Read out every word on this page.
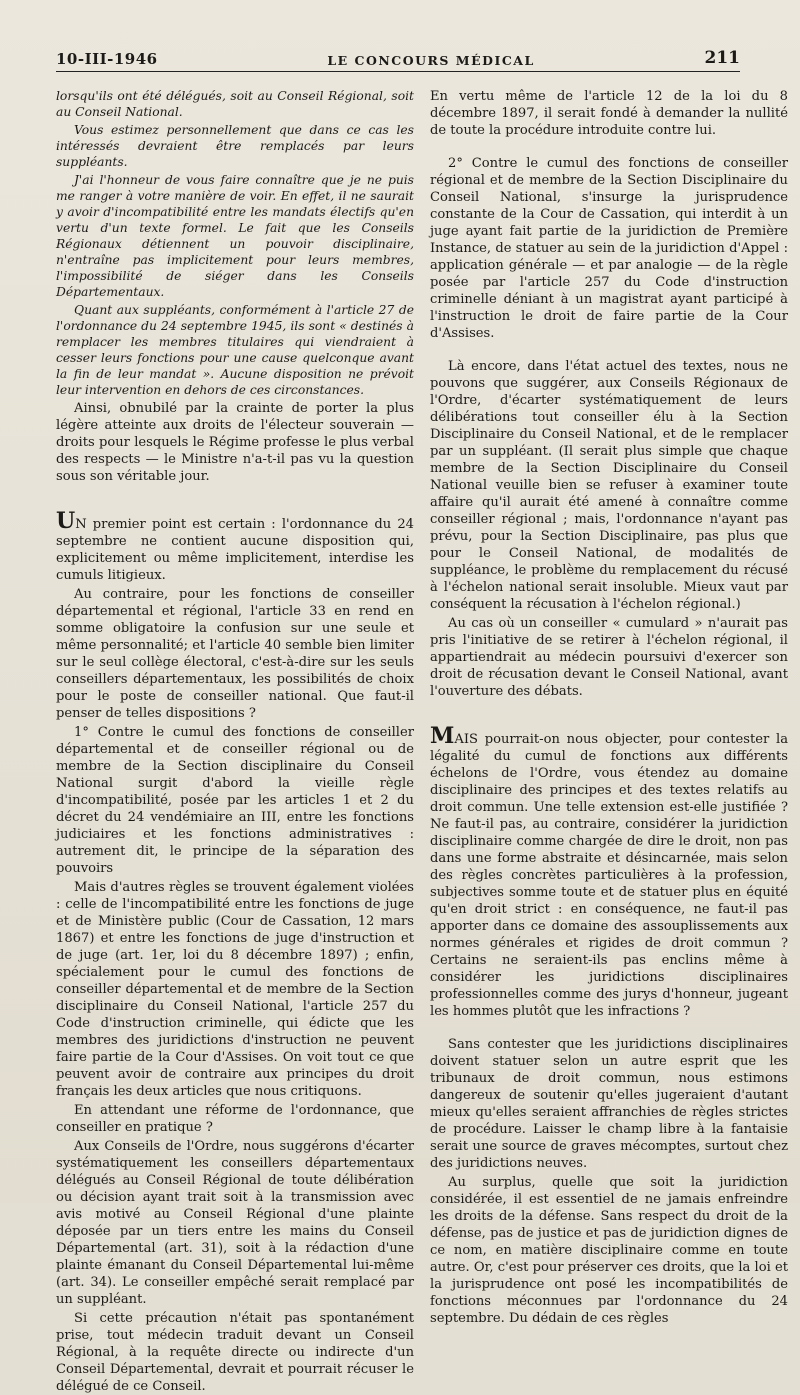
10-III-1946	LE CONCOURS MÉDICAL	211

lorsqu'ils ont été délégués, soit au Conseil Régional, soit au Conseil National.

Vous estimez personnellement que dans ce cas les intéressés devraient être remplacés par leurs suppléants.

J'ai l'honneur de vous faire connaître que je ne puis me ranger à votre manière de voir. En effet, il ne saurait y avoir d'incompatibilité entre les mandats électifs qu'en vertu d'un texte formel. Le fait que les Conseils Régionaux détiennent un pouvoir disciplinaire, n'entraîne pas implicitement pour leurs membres, l'impossibilité de siéger dans les Conseils Départementaux.

Quant aux suppléants, conformément à l'article 27 de l'ordonnance du 24 septembre 1945, ils sont « destinés à remplacer les membres titulaires qui viendraient à cesser leurs fonctions pour une cause quelconque avant la fin de leur mandat ». Aucune disposition ne prévoit leur intervention en dehors de ces circonstances.

Ainsi, obnubilé par la crainte de porter la plus légère atteinte aux droits de l'électeur souverain — droits pour lesquels le Régime professe le plus verbal des respects — le Ministre n'a-t-il pas vu la question sous son véritable jour.

UN premier point est certain : l'ordonnance du 24 septembre ne contient aucune disposition qui, explicitement ou même implicitement, interdise les cumuls litigieux.

Au contraire, pour les fonctions de conseiller départemental et régional, l'article 33 en rend en somme obligatoire la confusion sur une seule et même personnalité; et l'article 40 semble bien limiter sur le seul collège électoral, c'est-à-dire sur les seuls conseillers départementaux, les possibilités de choix pour le poste de conseiller national. Que faut-il penser de telles dispositions ?

1° Contre le cumul des fonctions de conseiller départemental et de conseiller régional ou de membre de la Section disciplinaire du Conseil National surgit d'abord la vieille règle d'incompatibilité, posée par les articles 1 et 2 du décret du 24 vendémiaire an III, entre les fonctions judiciaires et les fonctions administratives : autrement dit, le principe de la séparation des pouvoirs

Mais d'autres règles se trouvent également violées : celle de l'incompatibilité entre les fonctions de juge et de Ministère public (Cour de Cassation, 12 mars 1867) et entre les fonctions de juge d'instruction et de juge (art. 1er, loi du 8 décembre 1897) ; enfin, spécialement pour le cumul des fonctions de conseiller départemental et de membre de la Section disciplinaire du Conseil National, l'article 257 du Code d'instruction criminelle, qui édicte que les membres des juridictions d'instruction ne peuvent faire partie de la Cour d'Assises. On voit tout ce que peuvent avoir de contraire aux principes du droit français les deux articles que nous critiquons.

En attendant une réforme de l'ordonnance, que conseiller en pratique ?

Aux Conseils de l'Ordre, nous suggérons d'écarter systématiquement les conseillers départementaux délégués au Conseil Régional de toute délibération ou décision ayant trait soit à la transmission avec avis motivé au Conseil Régional d'une plainte déposée par un tiers entre les mains du Conseil Départemental (art. 31), soit à la rédaction d'une plainte émanant du Conseil Départemental lui-même (art. 34). Le conseiller empêché serait remplacé par un suppléant.

Si cette précaution n'était pas spontanément prise, tout médecin traduit devant un Conseil Régional, à la requête directe ou indirecte d'un Conseil Départemental, devrait et pourrait récuser le délégué de ce Conseil.

En vertu même de l'article 12 de la loi du 8 décembre 1897, il serait fondé à demander la nullité de toute la procédure introduite contre lui.

2° Contre le cumul des fonctions de conseiller régional et de membre de la Section Disciplinaire du Conseil National, s'insurge la jurisprudence constante de la Cour de Cassation, qui interdit à un juge ayant fait partie de la juridiction de Première Instance, de statuer au sein de la juridiction d'Appel : application générale — et par analogie — de la règle posée par l'article 257 du Code d'instruction criminelle déniant à un magistrat ayant participé à l'instruction le droit de faire partie de la Cour d'Assises.

Là encore, dans l'état actuel des textes, nous ne pouvons que suggérer, aux Conseils Régionaux de l'Ordre, d'écarter systématiquement de leurs délibérations tout conseiller élu à la Section Disciplinaire du Conseil National, et de le remplacer par un suppléant. (Il serait plus simple que chaque membre de la Section Disciplinaire du Conseil National veuille bien se refuser à examiner toute affaire qu'il aurait été amené à connaître comme conseiller régional ; mais, l'ordonnance n'ayant pas prévu, pour la Section Disciplinaire, pas plus que pour le Conseil National, de modalités de suppléance, le problème du remplacement du récusé à l'échelon national serait insoluble. Mieux vaut par conséquent la récusation à l'échelon régional.)

Au cas où un conseiller « cumulard » n'aurait pas pris l'initiative de se retirer à l'échelon régional, il appartiendrait au médecin poursuivi d'exercer son droit de récusation devant le Conseil National, avant l'ouverture des débats.

MAIS pourrait-on nous objecter, pour contester la légalité du cumul de fonctions aux différents échelons de l'Ordre, vous étendez au domaine disciplinaire des principes et des textes relatifs au droit commun. Une telle extension est-elle justifiée ? Ne faut-il pas, au contraire, considérer la juridiction disciplinaire comme chargée de dire le droit, non pas dans une forme abstraite et désincarnée, mais selon des règles concrètes particulières à la profession, subjectives somme toute et de statuer plus en équité qu'en droit strict : en conséquence, ne faut-il pas apporter dans ce domaine des assouplissements aux normes générales et rigides de droit commun ? Certains ne seraient-ils pas enclins même à considérer les juridictions disciplinaires professionnelles comme des jurys d'honneur, jugeant les hommes plutôt que les infractions ?

Sans contester que les juridictions disciplinaires doivent statuer selon un autre esprit que les tribunaux de droit commun, nous estimons dangereux de soutenir qu'elles jugeraient d'autant mieux qu'elles seraient affranchies de règles strictes de procédure. Laisser le champ libre à la fantaisie serait une source de graves mécomptes, surtout chez des juridictions neuves.

Au surplus, quelle que soit la juridiction considérée, il est essentiel de ne jamais enfreindre les droits de la défense. Sans respect du droit de la défense, pas de justice et pas de juridiction dignes de ce nom, en matière disciplinaire comme en toute autre. Or, c'est pour préserver ces droits, que la loi et la jurisprudence ont posé les incompatibilités de fonctions méconnues par l'ordonnance du 24 septembre. Du dédain de ces règles
